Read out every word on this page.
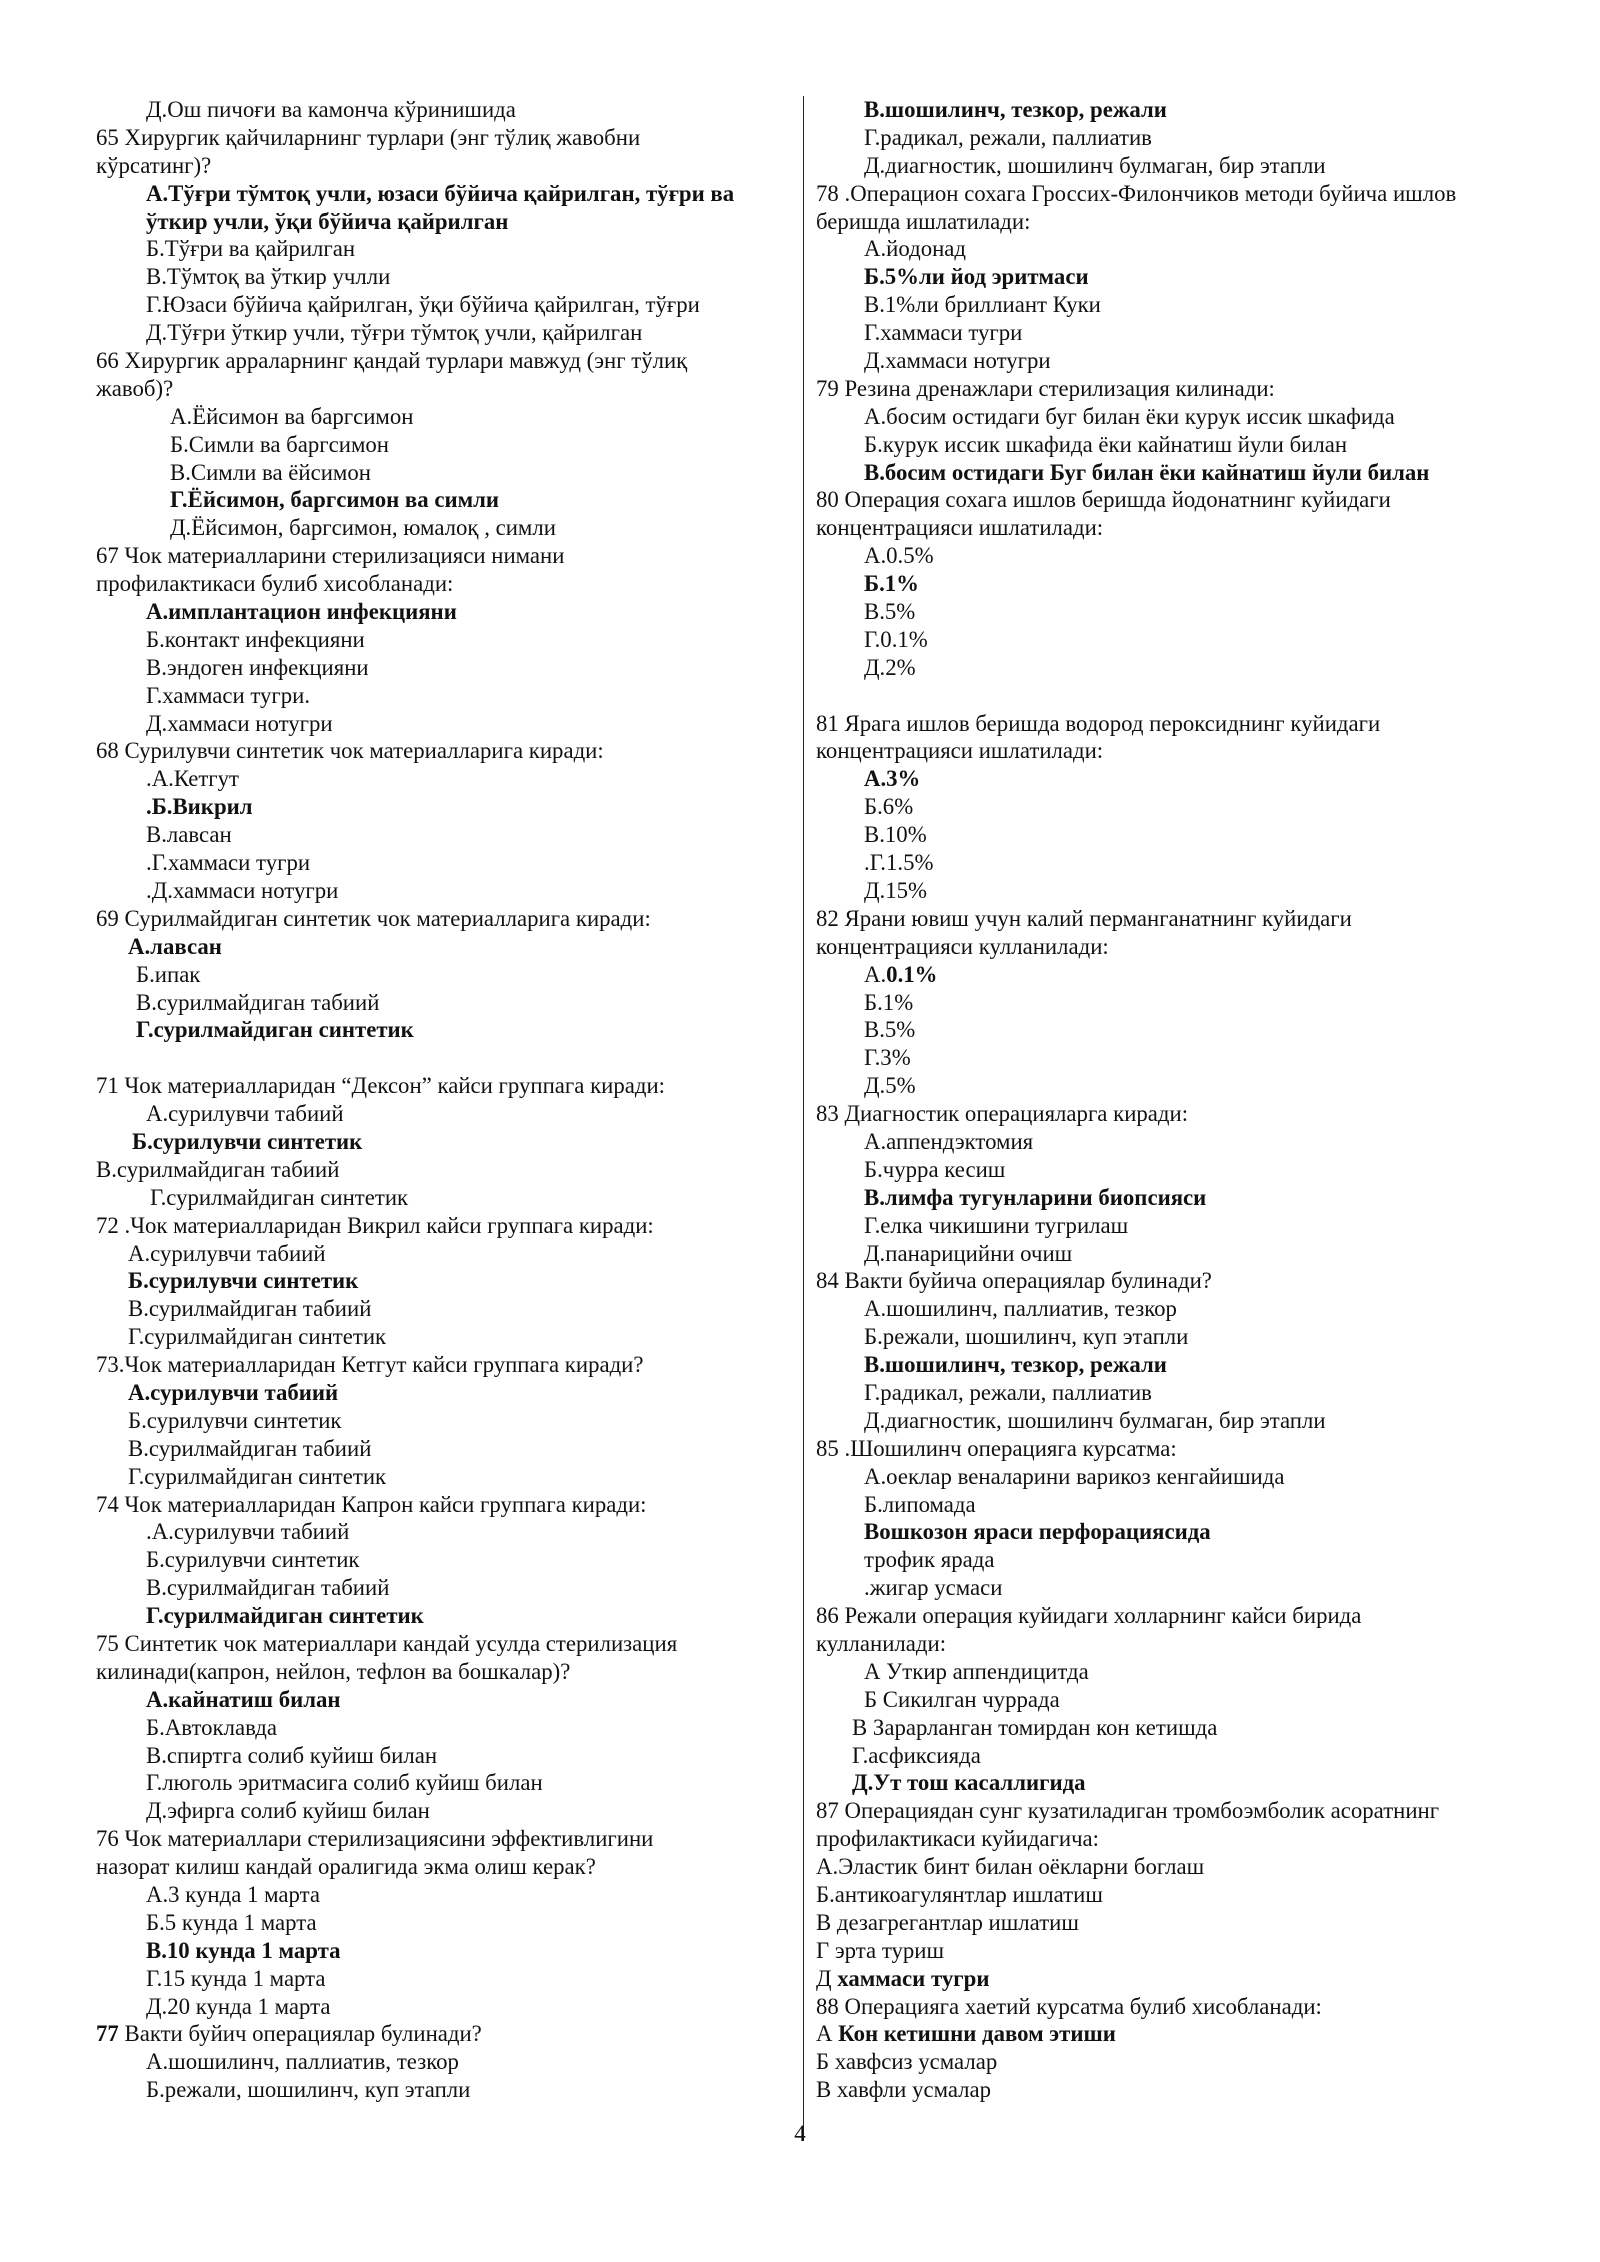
Д.Ош пичоғи ва камонча кўринишида
65 Хирургик қайчиларнинг турлари (энг тўлиқ жавобни
кўрсатинг)?
А.Тўғри тўмтоқ учли, юзаси бўйича қайрилган, тўғри ва
ўткир учли, ўқи бўйича қайрилган
Б.Тўғри ва қайрилган
В.Тўмтоқ ва ўткир учлли
Г.Юзаси бўйича қайрилган, ўқи бўйича қайрилган, тўғри
Д.Тўғри ўткир учли, тўғри тўмтоқ учли, қайрилган
66 Хирургик арраларнинг қандай турлари мавжуд (энг тўлиқ
жавоб)?
А.Ёйсимон ва баргсимон
Б.Симли ва баргсимон
В.Симли ва ёйсимон
Г.Ёйсимон, баргсимон ва симли
Д.Ёйсимон, баргсимон, юмалоқ , симли
67 Чок материалларини стерилизацияси нимани
профилактикаси булиб хисобланади:
А.имплантацион инфекцияни
Б.контакт инфекцияни
В.эндоген инфекцияни
Г.хаммаси тугри.
Д.хаммаси нотугри
68 Сурилувчи синтетик чок материалларига киради:
.А.Кетгут
.Б.Викрил
В.лавсан
.Г.хаммаси тугри
.Д.хаммаси нотугри
69 Сурилмайдиган синтетик чок материалларига киради:
А.лавсан
Б.ипак
В.сурилмайдиган табиий
Г.сурилмайдиган синтетик
71 Чок материалларидан “Дексон” кайси группага киради:
А.сурилувчи табиий
Б.сурилувчи синтетик
В.сурилмайдиган табиий
Г.сурилмайдиган синтетик
72 .Чок материалларидан Викрил кайси группага киради:
А.сурилувчи табиий
Б.сурилувчи синтетик
В.сурилмайдиган табиий
Г.сурилмайдиган синтетик
73.Чок материалларидан Кетгут кайси группага киради?
А.сурилувчи табиий
Б.сурилувчи синтетик
В.сурилмайдиган табиий
Г.сурилмайдиган синтетик
74 Чок материалларидан Капрон кайси группага киради:
.А.сурилувчи табиий
Б.сурилувчи синтетик
В.сурилмайдиган табиий
Г.сурилмайдиган синтетик
75 Синтетик чок материаллари кандай усулда стерилизация
килинади(капрон, нейлон, тефлон ва бошкалар)?
А.кайнатиш билан
Б.Автоклавда
В.спиртга солиб куйиш билан
Г.люголь эритмасига солиб куйиш билан
Д.эфирга солиб куйиш билан
76 Чок материаллари стерилизациясини эффективлигини
назорат килиш кандай оралигида экма олиш керак?
А.3 кунда 1 марта
Б.5 кунда 1 марта
В.10 кунда 1 марта
Г.15 кунда 1 марта
Д.20 кунда 1 марта
77 Вакти буйич операциялар булинади?
А.шошилинч, паллиатив, тезкор
Б.режали, шошилинч, куп этапли
В.шошилинч, тезкор, режали
Г.радикал, режали, паллиатив
Д.диагностик, шошилинч булмаган, бир этапли
78 .Операцион сохага Гроссих-Филончиков методи буйича ишлов
беришда ишлатилади:
А.йодонад
Б.5%ли йод эритмаси
В.1%ли бриллиант Куки
Г.хаммаси тугри
Д.хаммаси нотугри
79 Резина дренажлари стерилизация килинади:
А.босим остидаги буг билан ёки курук иссик шкафида
Б.курук иссик шкафида ёки кайнатиш йули билан
В.босим остидаги Буг билан ёки кайнатиш йули билан
80 Операция сохага ишлов беришда йодонатнинг куйидаги
концентрацияси ишлатилади:
А.0.5%
Б.1%
В.5%
Г.0.1%
Д.2%
81 Ярага ишлов беришда водород пероксиднинг куйидаги
концентрацияси ишлатилади:
А.3%
Б.6%
В.10%
.Г.1.5%
Д.15%
82 Ярани ювиш учун калий перманганатнинг куйидаги
концентрацияси кулланилади:
А.0.1%
Б.1%
В.5%
Г.3%
Д.5%
83 Диагностик операцияларга киради:
А.аппендэктомия
Б.чурра кесиш
В.лимфа тугунларини биопсияси
Г.елка чикишини тугрилаш
Д.панарицийни очиш
84 Вакти буйича операциялар булинади?
А.шошилинч, паллиатив, тезкор
Б.режали, шошилинч, куп этапли
В.шошилинч, тезкор, режали
Г.радикал, режали, паллиатив
Д.диагностик, шошилинч булмаган, бир этапли
85 .Шошилинч операцияга курсатма:
А.оеклар веналарини варикоз кенгайишида
Б.липомада
Вошкозон яраси перфорациясида
трофик ярада
.жигар усмаси
86 Режали операция куйидаги холларнинг кайси бирида
кулланилади:
А Уткир аппендицитда
Б Сикилган чуррада
В Зарарланган томирдан кон кетишда
Г.асфиксияда
Д.Ут тош касаллигида
87 Операциядан сунг кузатиладиган тромбоэмболик асоратнинг
профилактикаси куйидагича:
А.Эластик бинт билан оёкларни боглаш
Б.антикоагулянтлар ишлатиш
В дезагрегантлар ишлатиш
Г эрта туриш
Д хаммаси тугри
88 Операцияга хаетий курсатма булиб хисобланади:
А Кон кетишни давом этиши
Б хавфсиз усмалар
В хавфли усмалар
4
